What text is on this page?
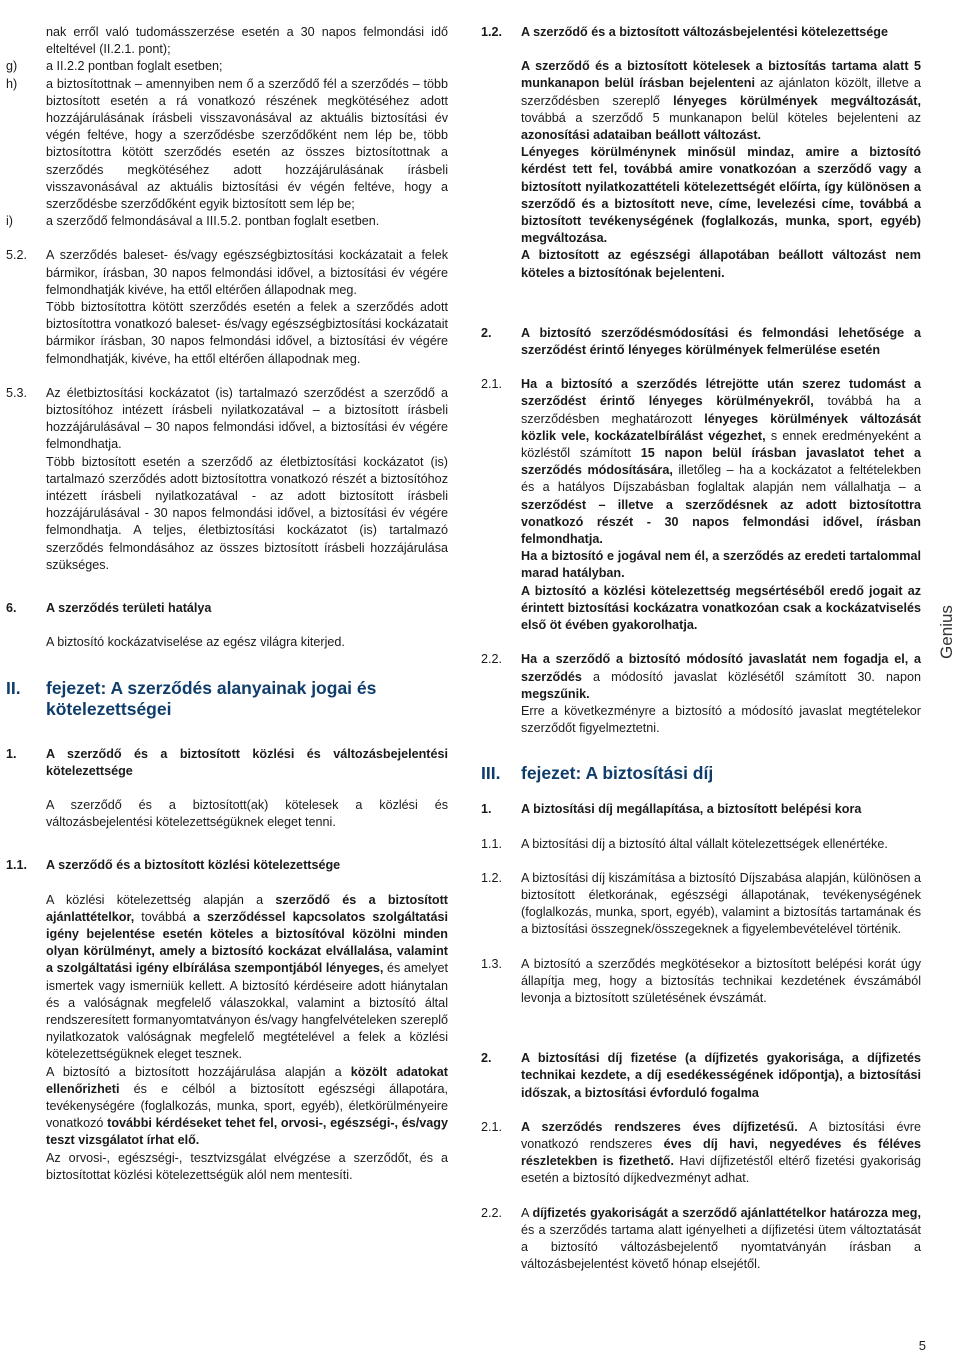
nak erről való tudomásszerzése esetén a 30 napos felmondási idő elteltével (II.2.1. pont);
g)	a II.2.2 pontban foglalt esetben;
h)	a biztosítottnak – amennyiben nem ő a szerződő fél a szerződés – több biztosított esetén a rá vonatkozó részének megkötéséhez adott hozzájárulásának írásbeli visszavonásával az aktuális biztosítási év végén feltéve, hogy a szerződésbe szerződőként nem lép be, több biztosítottra kötött szerződés esetén az összes biztosítottnak a szerződés megkötéséhez adott hozzájárulásának írásbeli visszavonásával az aktuális biztosítási év végén feltéve, hogy a szerződésbe szerződőként egyik biztosított sem lép be;
i)	a szerződő felmondásával a III.5.2. pontban foglalt esetben.
5.2.	A szerződés baleset- és/vagy egészségbiztosítási kockázatait a felek bármikor, írásban, 30 napos felmondási idővel, a biztosítási év végére felmondhatják kivéve, ha ettől eltérően állapodnak meg.
Több biztosítottra kötött szerződés esetén a felek a szerződés adott biztosítottra vonatkozó baleset- és/vagy egészségbiztosítási kockázatait bármikor írásban, 30 napos felmondási idővel, a biztosítási év végére felmondhatják, kivéve, ha ettől eltérően állapodnak meg.
5.3.	Az életbiztosítási kockázatot (is) tartalmazó szerződést a szerződő a biztosítóhoz intézett írásbeli nyilatkozatával – a biztosított írásbeli hozzájárulásával – 30 napos felmondási idővel, a biztosítási év végére felmondhatja.
Több biztosított esetén a szerződő az életbiztosítási kockázatot (is) tartalmazó szerződés adott biztosítottra vonatkozó részét a biztosítóhoz intézett írásbeli nyilatkozatával - az adott biztosított írásbeli hozzájárulásával - 30 napos felmondási idővel, a biztosítási év végére felmondhatja. A teljes, életbiztosítási kockázatot (is) tartalmazó szerződés felmondásához az összes biztosított írásbeli hozzájárulása szükséges.
6.	A szerződés területi hatálya
A biztosító kockázatviselése az egész világra kiterjed.
II.	fejezet: A szerződés alanyainak jogai és kötelezettségei
1.	A szerződő és a biztosított közlési és változásbejelentési kötelezettsége
A szerződő és a biztosított(ak) kötelesek a közlési és változásbejelentési kötelezettségüknek eleget tenni.
1.1.	A szerződő és a biztosított közlési kötelezettsége
A közlési kötelezettség alapján a szerződő és a biztosított ajánlattételkor, továbbá a szerződéssel kapcsolatos szolgáltatási igény bejelentése esetén köteles a biztosítóval közölni minden olyan körülményt, amely a biztosító kockázat elvállalása, valamint a szolgáltatási igény elbírálása szempontjából lényeges, és amelyet ismertek vagy ismerniük kellett. A biztosító kérdéseire adott hiánytalan és a valóságnak megfelelő válaszokkal, valamint a biztosító által rendszeresített formanyomtatványon és/vagy hangfelvételeken szereplő nyilatkozatok valóságnak megfelelő megtételével a felek a közlési kötelezettségüknek eleget tesznek.
A biztosító a biztosított hozzájárulása alapján a közölt adatokat ellenőrizheti és e célból a biztosított egészségi állapotára, tevékenységére (foglalkozás, munka, sport, egyéb), életkörülményeire vonatkozó további kérdéseket tehet fel, orvosi-, egészségi-, és/vagy teszt vizsgálatot írhat elő.
Az orvosi-, egészségi-, tesztvizsgálat elvégzése a szerződőt, és a biztosítottat közlési kötelezettségük alól nem mentesíti.
1.2.	A szerződő és a biztosított változásbejelentési kötelezettsége
A szerződő és a biztosított kötelesek a biztosítás tartama alatt 5 munkanapon belül írásban bejelenteni az ajánlaton közölt, illetve a szerződésben szereplő lényeges körülmények megváltozását, továbbá a szerződő 5 munkanapon belül köteles bejelenteni az azonosítási adataiban beállott változást.
Lényeges körülménynek minősül mindaz, amire a biztosító kérdést tett fel, továbbá amire vonatkozóan a szerződő vagy a biztosított nyilatkozattételi kötelezettségét előírta, így különösen a szerződő és a biztosított neve, címe, levelezési címe, továbbá a biztosított tevékenységének (foglalkozás, munka, sport, egyéb) megváltozása.
A biztosított az egészségi állapotában beállott változást nem köteles a biztosítónak bejelenteni.
2.	A biztosító szerződésmódosítási és felmondási lehetősége a szerződést érintő lényeges körülmények felmerülése esetén
2.1.	Ha a biztosító a szerződés létrejötte után szerez tudomást a szerződést érintő lényeges körülményekről, továbbá ha a szerződésben meghatározott lényeges körülmények változását közlik vele, kockázatelbírálást végezhet, s ennek eredményeként a közléstől számított 15 napon belül írásban javaslatot tehet a szerződés módosítására, illetőleg – ha a kockázatot a feltételekben és a hatályos Díjszabásban foglaltak alapján nem vállalhatja – a szerződést – illetve a szerződésnek az adott biztosítottra vonatkozó részét - 30 napos felmondási idővel, írásban felmondhatja.
Ha a biztosító e jogával nem él, a szerződés az eredeti tartalommal marad hatályban.
A biztosító a közlési kötelezettség megsértéséből eredő jogait az érintett biztosítási kockázatra vonatkozóan csak a kockázatviselés első öt évében gyakorolhatja.
2.2.	Ha a szerződő a biztosító módosító javaslatát nem fogadja el, a szerződés a módosító javaslat közlésétől számított 30. napon megszűnik.
Erre a következményre a biztosító a módosító javaslat megtételekor szerződőt figyelmeztetni.
III.	fejezet: A biztosítási díj
1.	A biztosítási díj megállapítása, a biztosított belépési kora
1.1.	A biztosítási díj a biztosító által vállalt kötelezettségek ellenértéke.
1.2.	A biztosítási díj kiszámítása a biztosító Díjszabása alapján, különösen a biztosított életkorának, egészségi állapotának, tevékenységének (foglalkozás, munka, sport, egyéb), valamint a biztosítás tartamának és a biztosítási összegnek/összegeknek a figyelembevételével történik.
1.3.	A biztosító a szerződés megkötésekor a biztosított belépési korát úgy állapítja meg, hogy a biztosítás technikai kezdetének évszámából levonja a biztosított születésének évszámát.
2.	A biztosítási díj fizetése (a díjfizetés gyakorisága, a díjfizetés technikai kezdete, a díj esedékességének időpontja), a biztosítási időszak, a biztosítási évforduló fogalma
2.1.	A szerződés rendszeres éves díjfizetésű. A biztosítási évre vonatkozó rendszeres éves díj havi, negyedéves és féléves részletekben is fizethető. Havi díjfizetéstől eltérő fizetési gyakoriság esetén a biztosító díjkedvezményt adhat.
2.2.	A díjfizetés gyakoriságát a szerződő ajánlattételkor határozza meg, és a szerződés tartama alatt igényelheti a díjfizetési ütem változtatását a biztosító változásbejelentő nyomtatványán írásban a változásbejelentést követő hónap elsejétől.
Genius
5
